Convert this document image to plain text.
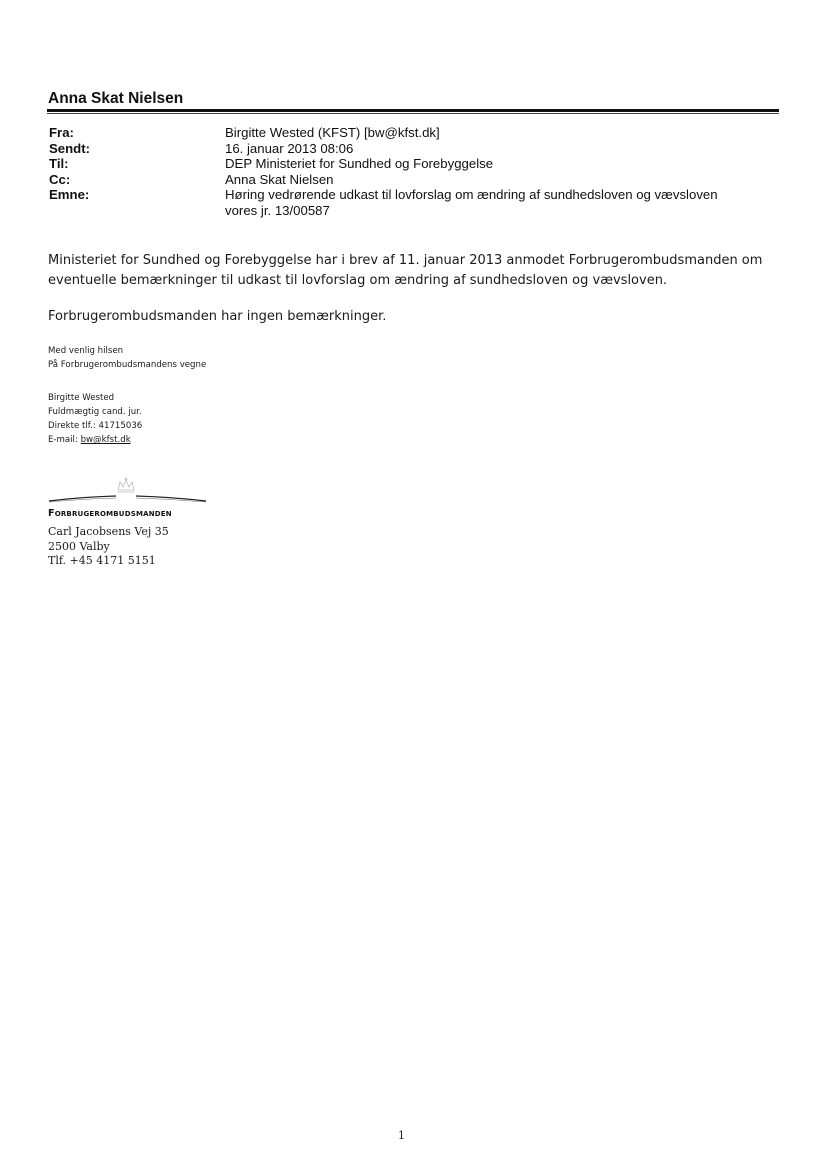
Anna Skat Nielsen
Fra:	Birgitte Wested (KFST) [bw@kfst.dk]
Sendt:	16. januar 2013 08:06
Til:	DEP Ministeriet for Sundhed og Forebyggelse
Cc:	Anna Skat Nielsen
Emne:	Høring vedrørende udkast til lovforslag om ændring af sundhedsloven og vævsloven
vores jr. 13/00587
Ministeriet for Sundhed og Forebyggelse har i brev af 11. januar 2013 anmodet Forbrugerombudsmanden om
eventuelle bemærkninger til udkast til lovforslag om ændring af sundhedsloven og vævsloven.
Forbrugerombudsmanden har ingen bemærkninger.
Med venlig hilsen
På Forbrugerombudsmandens vegne
Birgitte Wested
Fuldmægtig cand. jur.
Direkte tlf.: 41715036
E-mail: bw@kfst.dk
Forbrugerombudsmanden
Carl Jacobsens Vej 35
2500 Valby
Tlf. +45 4171 5151
1
